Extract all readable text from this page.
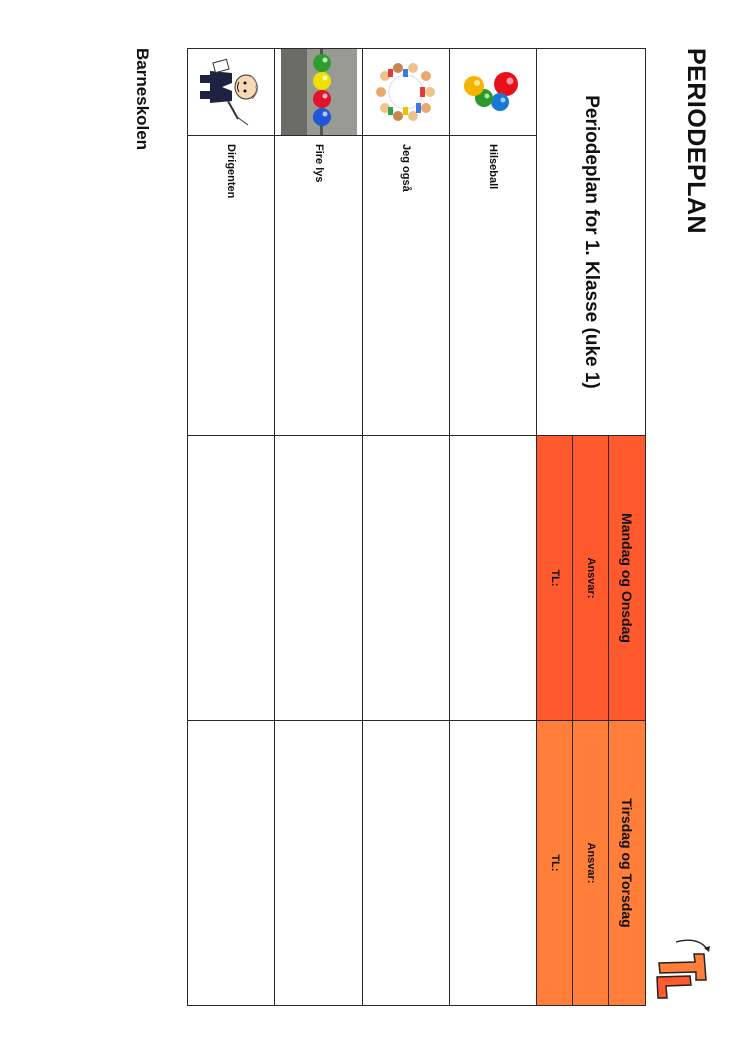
PERIODEPLAN
Periodeplan for 1. Klasse (uke 1)	Mandag og Onsdag	Tirsdag og Torsdag
	Ansvar:	Ansvar:
	TL:	TL:

Hilseball		

Jeg også		

Fire lys		

Dirigenten		

Barneskolen
